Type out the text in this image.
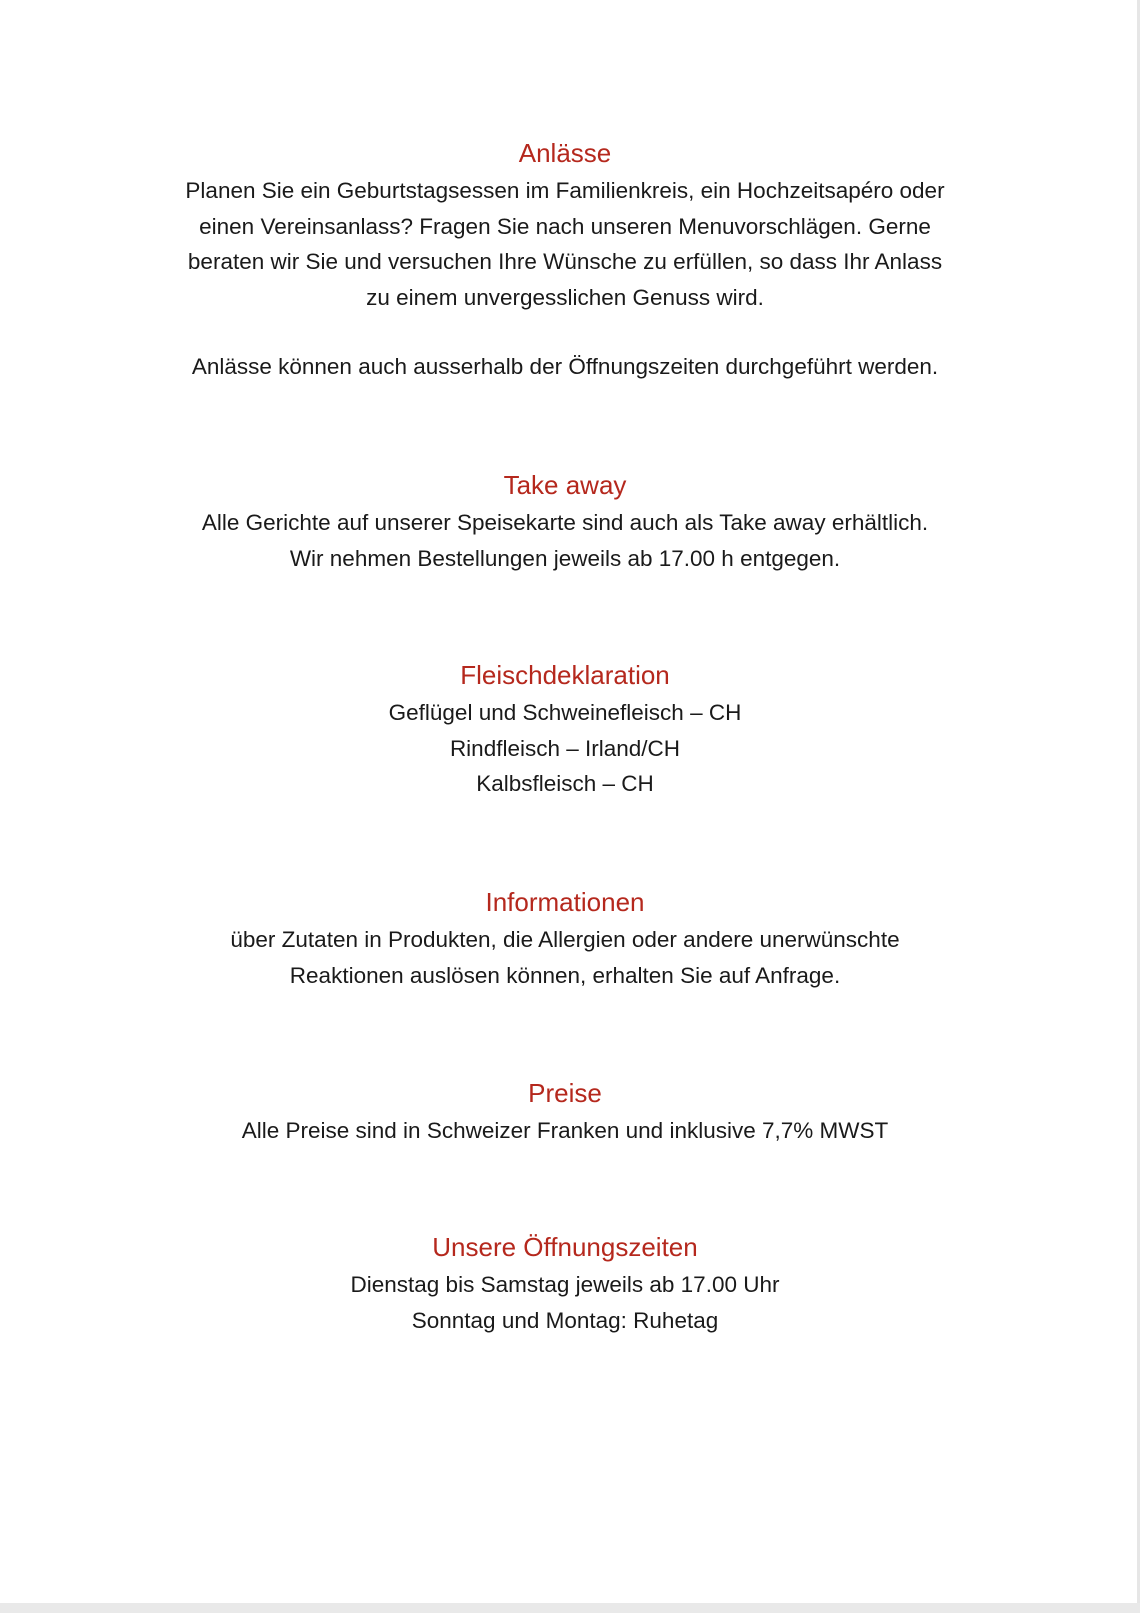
Anlässe

Planen Sie ein Geburtstagsessen im Familienkreis, ein Hochzeitsapéro oder

einen Vereinsanlass? Fragen Sie nach unseren Menuvorschlägen. Gerne

beraten wir Sie und versuchen Ihre Wünsche zu erfüllen, so dass Ihr Anlass

zu einem unvergesslichen Genuss wird.

Anlässe können auch ausserhalb der Öffnungszeiten durchgeführt werden.

Take away

Alle Gerichte auf unserer Speisekarte sind auch als Take away erhältlich.

Wir nehmen Bestellungen jeweils ab 17.00 h entgegen.

Fleischdeklaration

Geflügel und Schweinefleisch – CH

Rindfleisch – Irland/CH

Kalbsfleisch – CH

Informationen

über Zutaten in Produkten, die Allergien oder andere unerwünschte

Reaktionen auslösen können, erhalten Sie auf Anfrage.

Preise

Alle Preise sind in Schweizer Franken und inklusive 7,7% MWST

Unsere Öffnungszeiten

Dienstag bis Samstag jeweils ab 17.00 Uhr

Sonntag und Montag: Ruhetag
